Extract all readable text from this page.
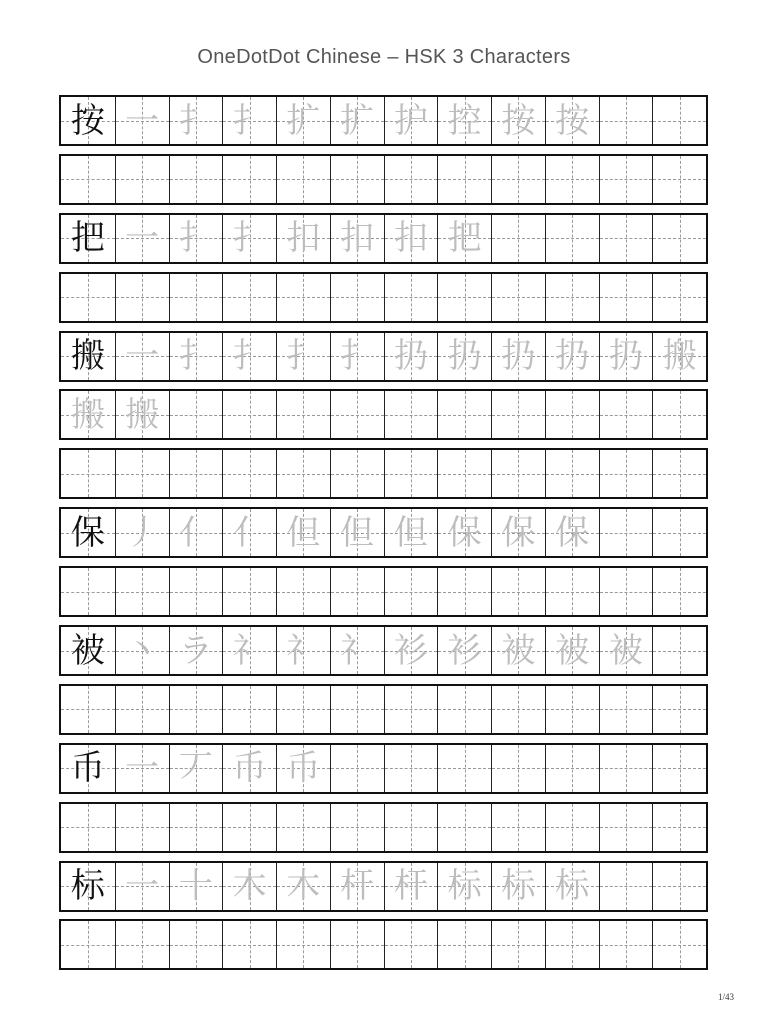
OneDotDot Chinese – HSK 3 Characters
按 一 扌 扌 扩 扩 护 控 按 按
把 一 扌 扌 扣 扣 扣 把
搬 一 扌 扌 扌 扌 扔 扔 扔 扔 扔 搬
搬 搬
保 丿 亻 亻 但 但 但 保 保 保
被 丶 ラ 礻 礻 礻 衫 衫 被 被 被
币 一 丆 币 币
标 一 十 木 木 杆 杆 标 标 标
1/43
